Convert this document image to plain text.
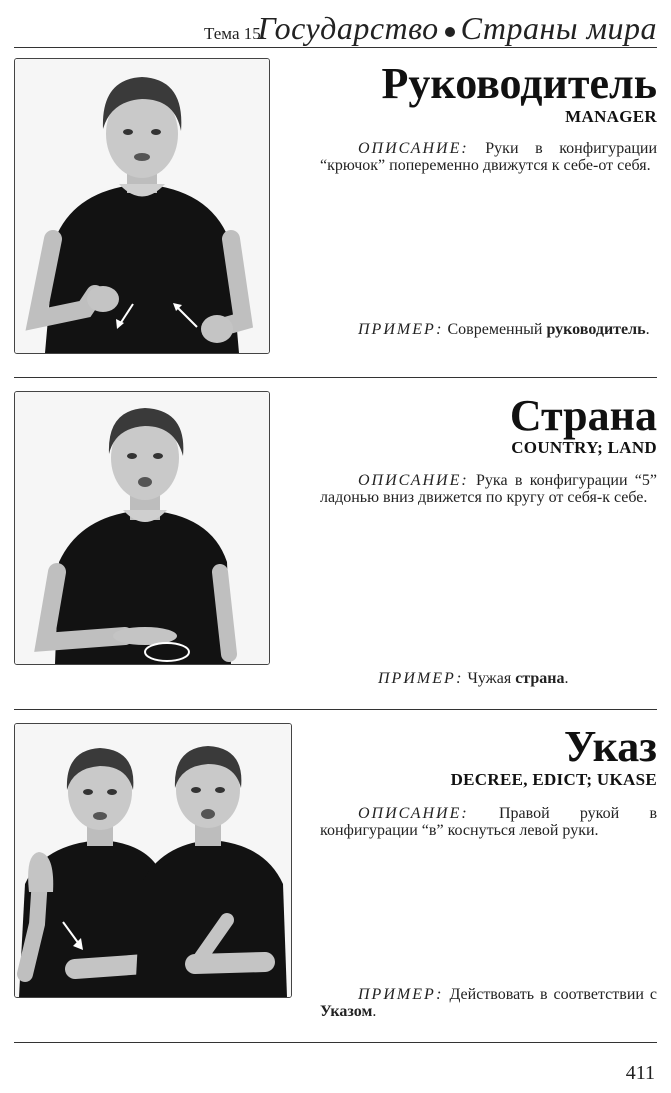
Тема 15.
Государство Страны мира
Руководитель
MANAGER
ОПИСАНИЕ: Руки в конфигурации “крючок” попеременно движутся к себе-от себя.
ПРИМЕР: Современный руководитель.
Страна
COUNTRY; LAND
ОПИСАНИЕ: Рука в конфигурации “5” ладонью вниз движется по кругу от себя-к себе.
ПРИМЕР: Чужая страна.
Указ
DECREE, EDICT; UKASE
ОПИСАНИЕ: Правой рукой в конфигурации “в” коснуться левой руки.
ПРИМЕР: Действовать в соответствии с Указом.
411
